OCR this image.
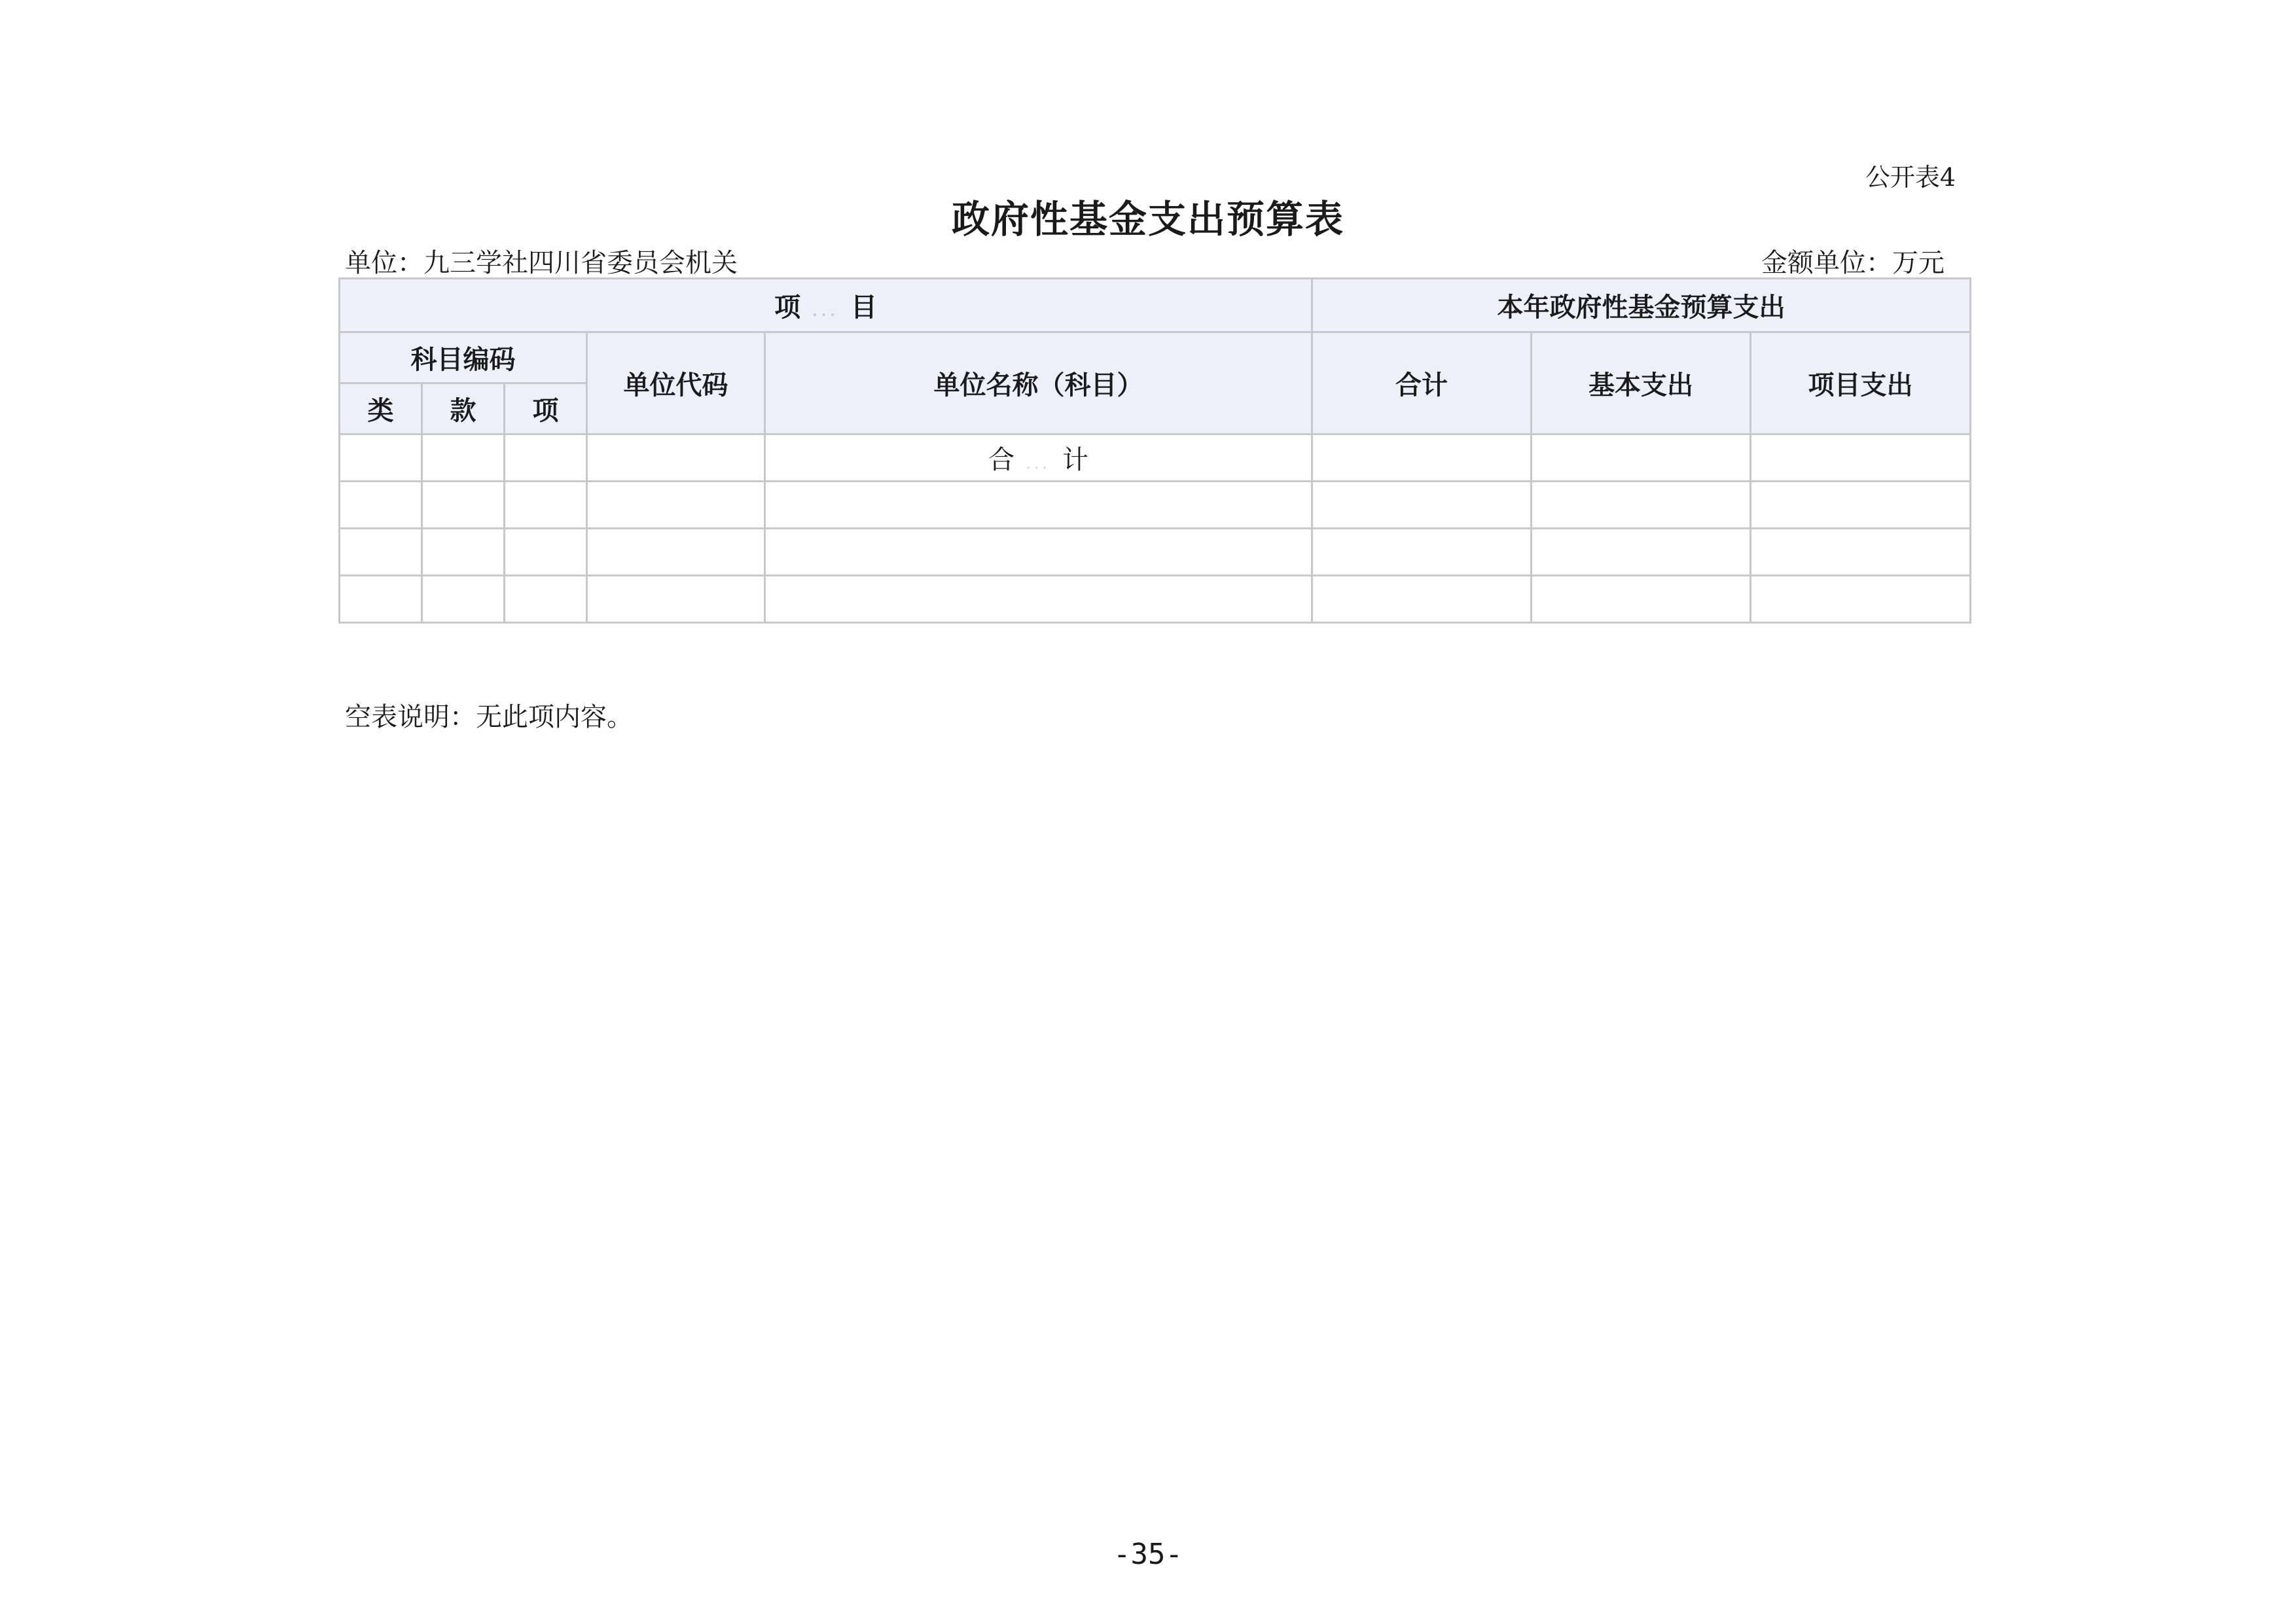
公开表4
政府性基金支出预算表
单位：九三学社四川省委员会机关	金额单位：万元
项 ... 目					本年政府性基金预算支出		
科目编码			单位代码	单位名称（科目）	合计	基本支出	项目支出
类	款	项					
				合 ... 计			

空表说明：无此项内容。
-35-
